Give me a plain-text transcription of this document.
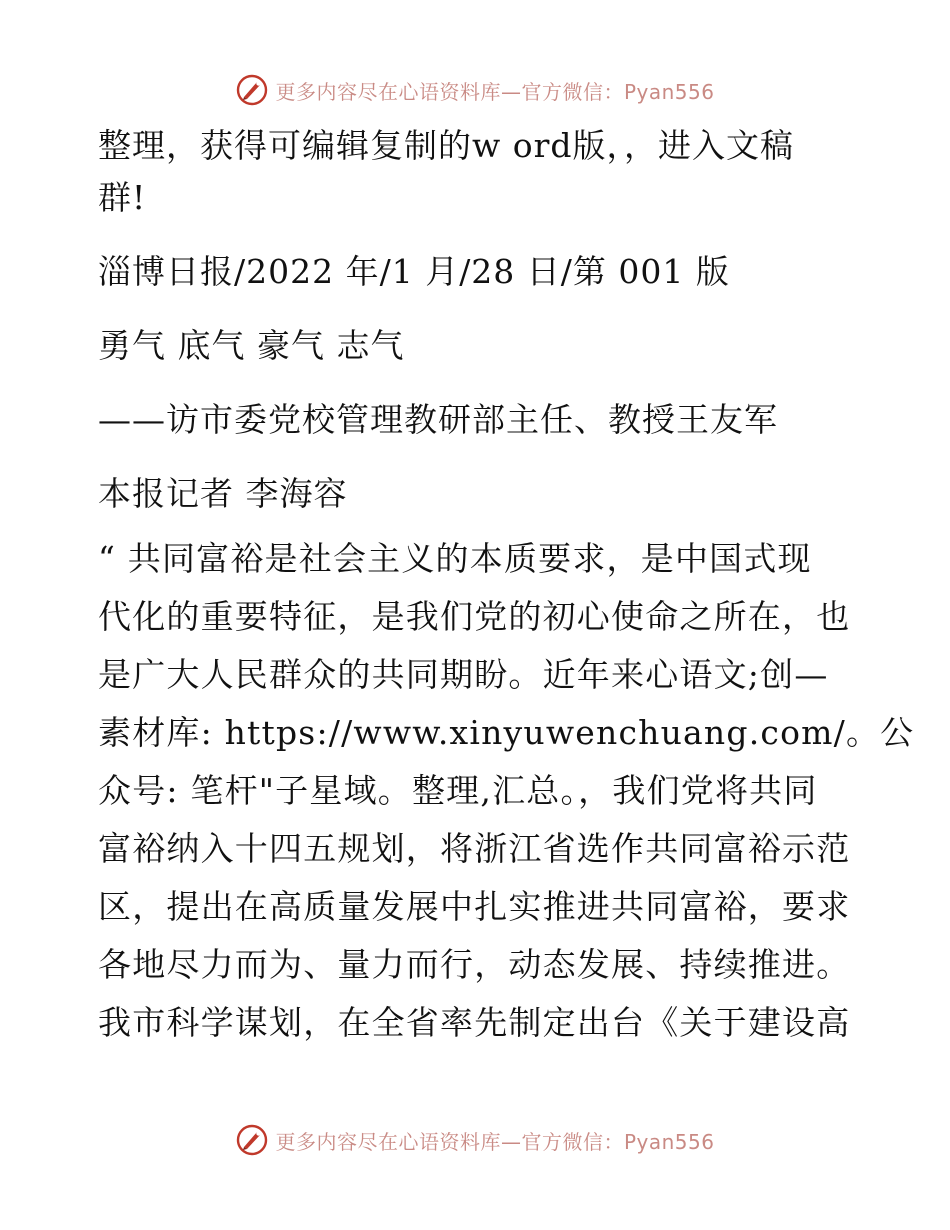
更多内容尽在心语资料库—官方微信：Pyan556
整理，获得可编辑复制的w ord版，，进入文稿
群!
淄博日报/2022 年/1 月/28 日/第 001 版
勇气 底气 豪气 志气
——访市委党校管理教研部主任、教授王友军
本报记者 李海容
“ 共同富裕是社会主义的本质要求，是中国式现
代化的重要特征，是我们党的初心使命之所在，也
是广大人民群众的共同期盼。近年来心语文;创—
素材库: https://www.xinyuwenchuang.com/。公
众号: 笔杆"子星域。整理,汇总。，我们党将共同
富裕纳入十四五规划，将浙江省选作共同富裕示范
区，提出在高质量发展中扎实推进共同富裕，要求
各地尽力而为、量力而行，动态发展、持续推进。
我市科学谋划，在全省率先制定出台《关于建设高
更多内容尽在心语资料库—官方微信：Pyan556
